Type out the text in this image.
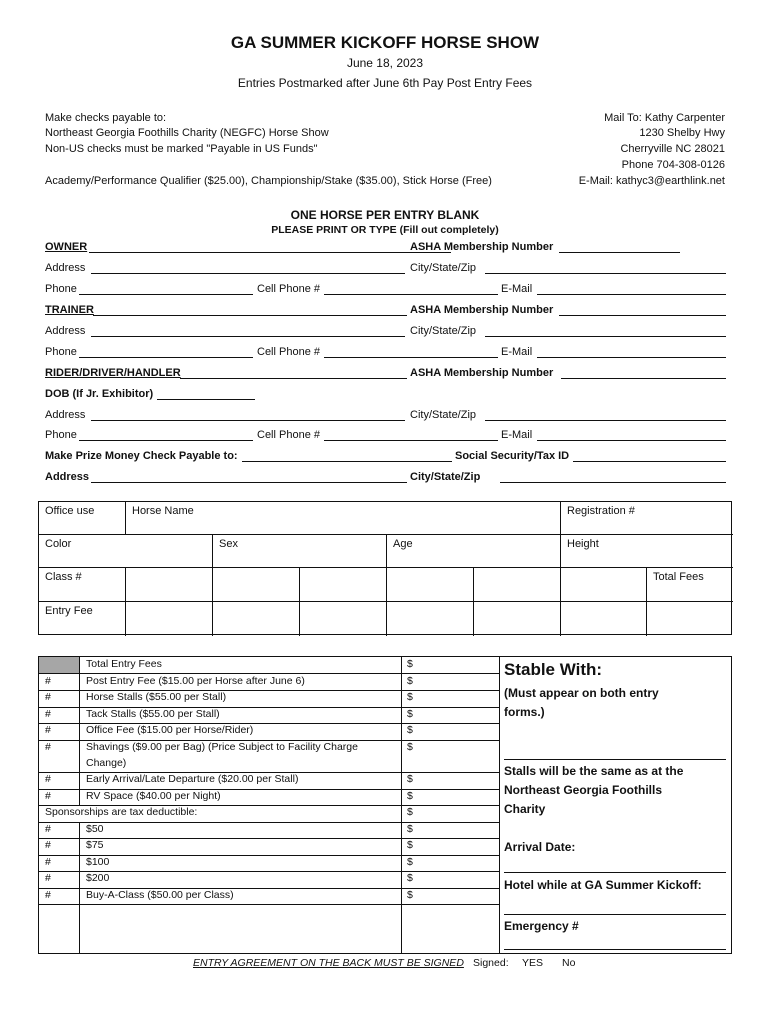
GA SUMMER KICKOFF HORSE SHOW
June 18, 2023
Entries Postmarked after June 6th Pay Post Entry Fees
Make checks payable to:
Northeast Georgia Foothills Charity (NEGFC) Horse Show
Non-US checks must be marked "Payable in US Funds"
Academy/Performance Qualifier ($25.00), Championship/Stake ($35.00), Stick Horse (Free)
Mail To: Kathy Carpenter
1230 Shelby Hwy
Cherryville NC 28021
Phone 704-308-0126
E-Mail: kathyc3@earthlink.net
ONE HORSE PER ENTRY BLANK
PLEASE PRINT OR TYPE (Fill out completely)
OWNER	ASHA Membership Number
Address	City/State/Zip
Phone	Cell Phone #	E-Mail
TRAINER	ASHA Membership Number
Address	City/State/Zip
Phone	Cell Phone #	E-Mail
RIDER/DRIVER/HANDLER	ASHA Membership Number
DOB (If Jr. Exhibitor)
Address	City/State/Zip
Phone	Cell Phone #	E-Mail
Make Prize Money Check Payable to:	Social Security/Tax ID
Address	City/State/Zip
Office use	Horse Name	Registration #
Color	Sex	Age	Height
Class #	Total Fees
Entry Fee
Total Entry Fees	$
#	Post Entry Fee ($15.00 per Horse after June 6)	$
#	Horse Stalls ($55.00 per Stall)	$
#	Tack Stalls ($55.00 per Stall)	$
#	Office Fee ($15.00 per Horse/Rider)	$
#	Shavings ($9.00 per Bag) (Price Subject to Facility Charge	$
Change)
#	Early Arrival/Late Departure ($20.00 per Stall)	$
#	RV Space ($40.00 per Night)	$
Sponsorships are tax deductible:	$
#	$50	$
#	$75	$
#	$100	$
#	$200	$
#	Buy-A-Class ($50.00 per Class)	$
Stable With:
(Must appear on both entry
forms.)
Stalls will be the same as at the
Northeast Georgia Foothills
Charity
Arrival Date:
Hotel while at GA Summer Kickoff:
Emergency #
ENTRY AGREEMENT ON THE BACK MUST BE SIGNED Signed: YES No
